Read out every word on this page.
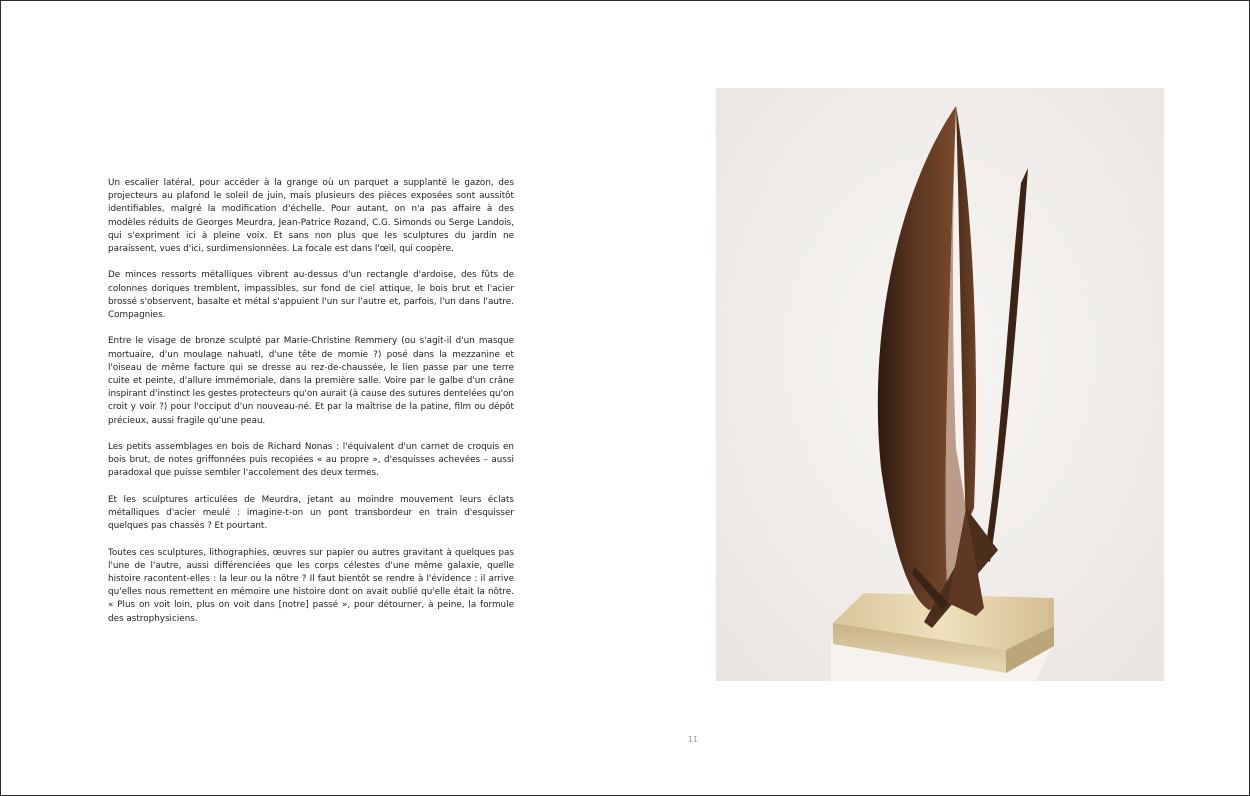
Un escalier latéral, pour accéder à la grange où un parquet a supplanté le gazon, des projecteurs au plafond le soleil de juin, mais plusieurs des pièces exposées sont aussitôt identifiables, malgré la modification d'échelle. Pour autant, on n'a pas affaire à des modèles réduits de Georges Meurdra, Jean-Patrice Rozand, C.G. Simonds ou Serge Landois, qui s'expriment ici à pleine voix. Et sans non plus que les sculptures du jardin ne paraissent, vues d'ici, surdimensionnées. La focale est dans l'œil, qui coopère.

De minces ressorts métalliques vibrent au-dessus d'un rectangle d'ardoise, des fûts de colonnes doriques tremblent, impassibles, sur fond de ciel attique, le bois brut et l'acier brossé s'observent, basalte et métal s'appuient l'un sur l'autre et, parfois, l'un dans l'autre. Compagnies.

Entre le visage de bronze sculpté par Marie-Christine Remmery (ou s'agit-il d'un masque mortuaire, d'un moulage nahuatl, d'une tête de momie ?) posé dans la mezzanine et l'oiseau de même facture qui se dresse au rez-de-chaussée, le lien passe par une terre cuite et peinte, d'allure immémoriale, dans la première salle. Voire par le galbe d'un crâne inspirant d'instinct les gestes protecteurs qu'on aurait (à cause des sutures dentelées qu'on croit y voir ?) pour l'occiput d'un nouveau-né. Et par la maîtrise de la patine, film ou dépôt précieux, aussi fragile qu'une peau.

Les petits assemblages en bois de Richard Nonas : l'équivalent d'un carnet de croquis en bois brut, de notes griffonnées puis recopiées « au propre », d'esquisses achevées – aussi paradoxal que puisse sembler l'accolement des deux termes.

Et les sculptures articulées de Meurdra, jetant au moindre mouvement leurs éclats métalliques d'acier meulé : imagine-t-on un pont transbordeur en train d'esquisser quelques pas chassés ? Et pourtant.

Toutes ces sculptures, lithographies, œuvres sur papier ou autres gravitant à quelques pas l'une de l'autre, aussi différenciées que les corps célestes d'une même galaxie, quelle histoire racontent-elles : la leur ou la nôtre ? Il faut bientôt se rendre à l'évidence : il arrive qu'elles nous remettent en mémoire une histoire dont on avait oublié qu'elle était la nôtre. « Plus on voit loin, plus on voit dans [notre] passé », pour détourner, à peine, la formule des astrophysiciens.

11
